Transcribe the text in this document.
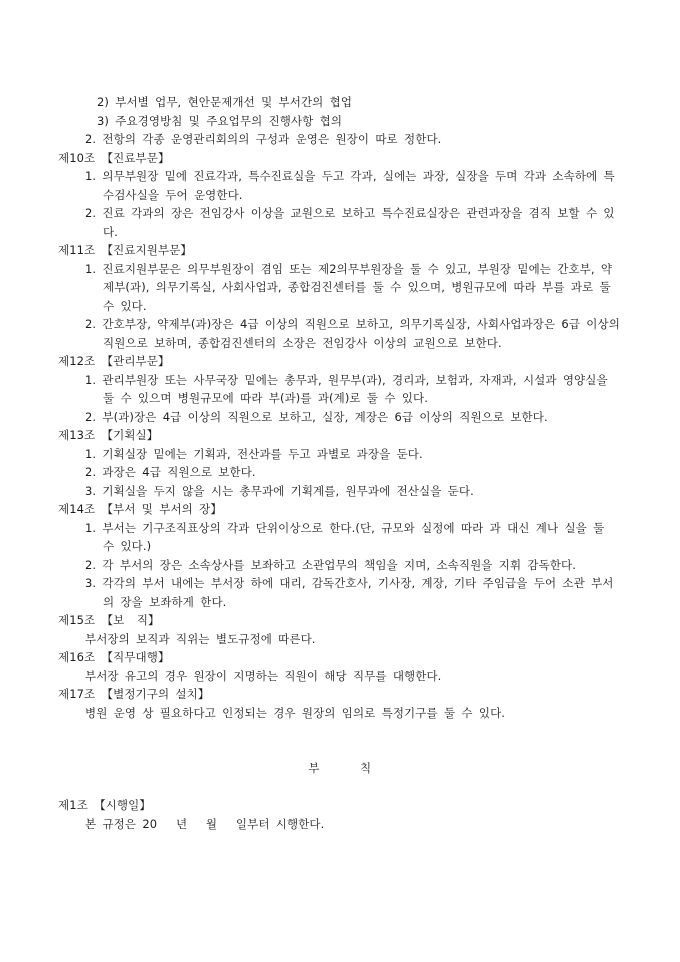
2) 부서별 업무, 현안문제개선 및 부서간의 협업
3) 주요경영방침 및 주요업무의 진행사항 협의
2. 전항의 각종 운영관리회의의 구성과 운영은 원장이 따로 정한다.
제10조 【진료부문】
1. 의무부원장 밑에 진료각과, 특수진료실을 두고 각과, 실에는 과장, 실장을 두며 각과 소속하에 특
수검사실을 두어 운영한다.
2. 진료 각과의 장은 전임강사 이상을 교원으로 보하고 특수진료실장은 관련과장을 겸직 보할 수 있
다.
제11조 【진료지원부문】
1. 진료지원부문은 의무부원장이 겸임 또는 제2의무부원장을 둘 수 있고, 부원장 밑에는 간호부, 약
제부(과), 의무기록실, 사회사업과, 종합검진센터를 둘 수 있으며, 병원규모에 따라 부를 과로 둘
수 있다.
2. 간호부장, 약제부(과)장은 4급 이상의 직원으로 보하고, 의무기록실장, 사회사업과장은 6급 이상의
직원으로 보하며, 종합검진센터의 소장은 전임강사 이상의 교원으로 보한다.
제12조 【관리부문】
1. 관리부원장 또는 사무국장 밑에는 총무과, 원무부(과), 경리과, 보험과, 자재과, 시설과 영양실을
둘 수 있으며 병원규모에 따라 부(과)를 과(계)로 둘 수 있다.
2. 부(과)장은 4급 이상의 직원으로 보하고, 실장, 계장은 6급 이상의 직원으로 보한다.
제13조 【기획실】
1. 기획실장 밑에는 기획과, 전산과를 두고 과별로 과장을 둔다.
2. 과장은 4급 직원으로 보한다.
3. 기획실을 두지 않을 시는 총무과에 기획계를, 원무과에 전산실을 둔다.
제14조 【부서 및 부서의 장】
1. 부서는 기구조직표상의 각과 단위이상으로 한다.(단, 규모와 실정에 따라 과 대신 계나 실을 둘
수 있다.)
2. 각 부서의 장은 소속상사를 보좌하고 소관업무의 책임을 지며, 소속직원을 지휘 감독한다.
3. 각각의 부서 내에는 부서장 하에 대리, 감독간호사, 기사장, 계장, 기타 주임급을 두어 소관 부서
의 장을 보좌하게 한다.
제15조 【보  직】
부서장의 보직과 직위는 별도규정에 따른다.
제16조 【직무대행】
부서장 유고의 경우 원장이 지명하는 직원이 해당 직무를 대행한다.
제17조 【별정기구의 설치】
병원 운영 상 필요하다고 인정되는 경우 원장의 임의로 특정기구를 둘 수 있다.

부      칙

제1조 【시행일】
본 규정은 20   년   월   일부터 시행한다.
